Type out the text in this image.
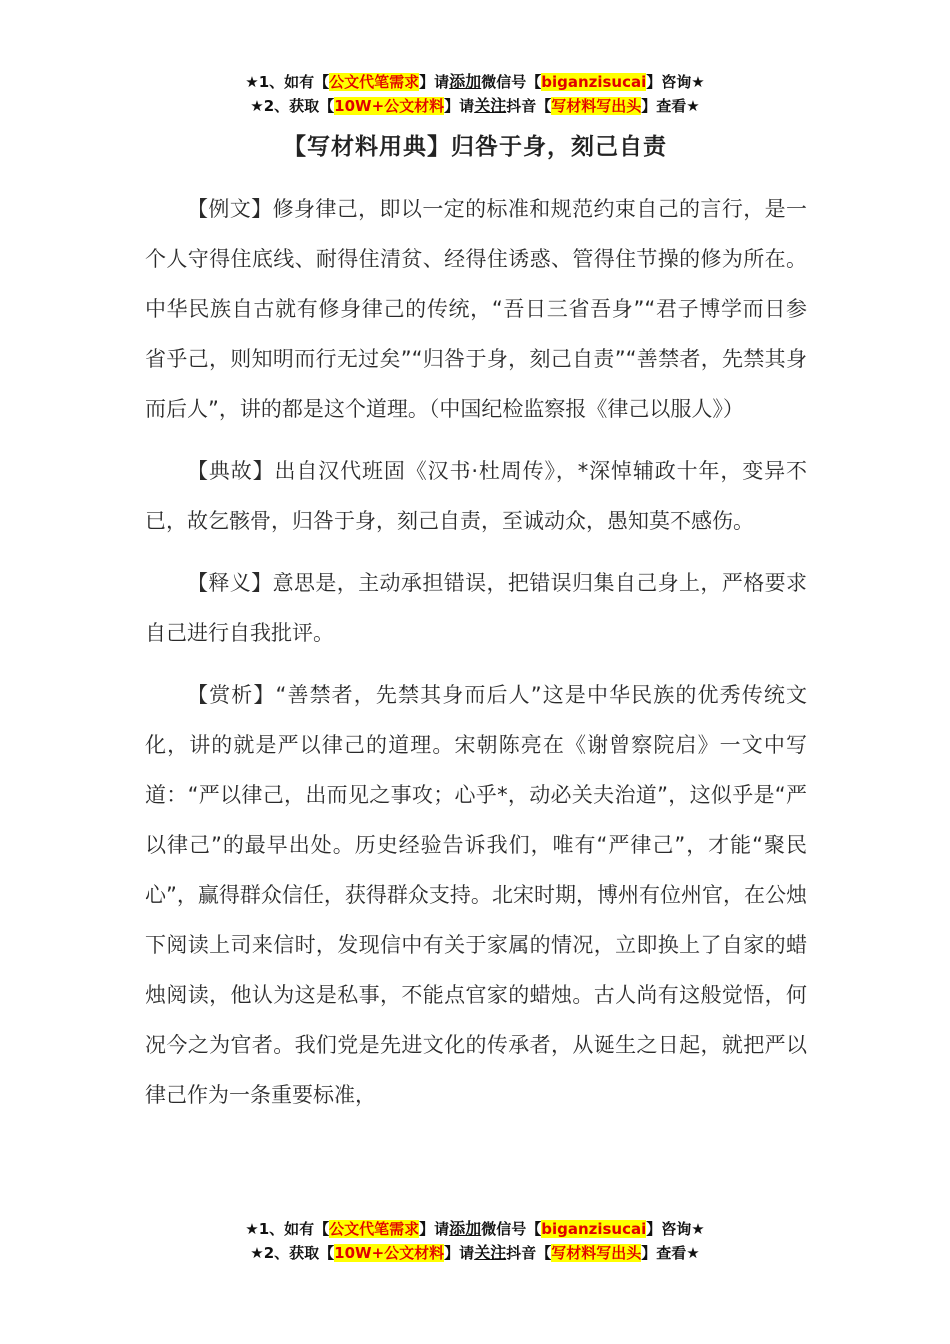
★1、如有【公文代笔需求】请添加微信号【biganzisucai】咨询★
★2、获取【10W+公文材料】请关注抖音【写材料写出头】查看★
【写材料用典】归咎于身，刻己自责

【例文】修身律己，即以一定的标准和规范约束自己的言行，是一个人守得住底线、耐得住清贫、经得住诱惑、管得住节操的修为所在。中华民族自古就有修身律己的传统，“吾日三省吾身”“君子博学而日参省乎己，则知明而行无过矣”“归咎于身，刻己自责”“善禁者，先禁其身而后人”，讲的都是这个道理。（中国纪检监察报《律己以服人》）

【典故】出自汉代班固《汉书·杜周传》，*深悼辅政十年，变异不已，故乞骸骨，归咎于身，刻己自责，至诚动众，愚知莫不感伤。

【释义】意思是，主动承担错误，把错误归集自己身上，严格要求自己进行自我批评。

【赏析】“善禁者，先禁其身而后人”这是中华民族的优秀传统文化，讲的就是严以律己的道理。宋朝陈亮在《谢曾察院启》一文中写道：“严以律己，出而见之事攻；心乎*，动必关夫治道”，这似乎是“严以律己”的最早出处。历史经验告诉我们，唯有“严律己”，才能“聚民心”，赢得群众信任，获得群众支持。北宋时期，博州有位州官，在公烛下阅读上司来信时，发现信中有关于家属的情况，立即换上了自家的蜡烛阅读，他认为这是私事，不能点官家的蜡烛。古人尚有这般觉悟，何况今之为官者。我们党是先进文化的传承者，从诞生之日起，就把严以律己作为一条重要标准，

★1、如有【公文代笔需求】请添加微信号【biganzisucai】咨询★
★2、获取【10W+公文材料】请关注抖音【写材料写出头】查看★
